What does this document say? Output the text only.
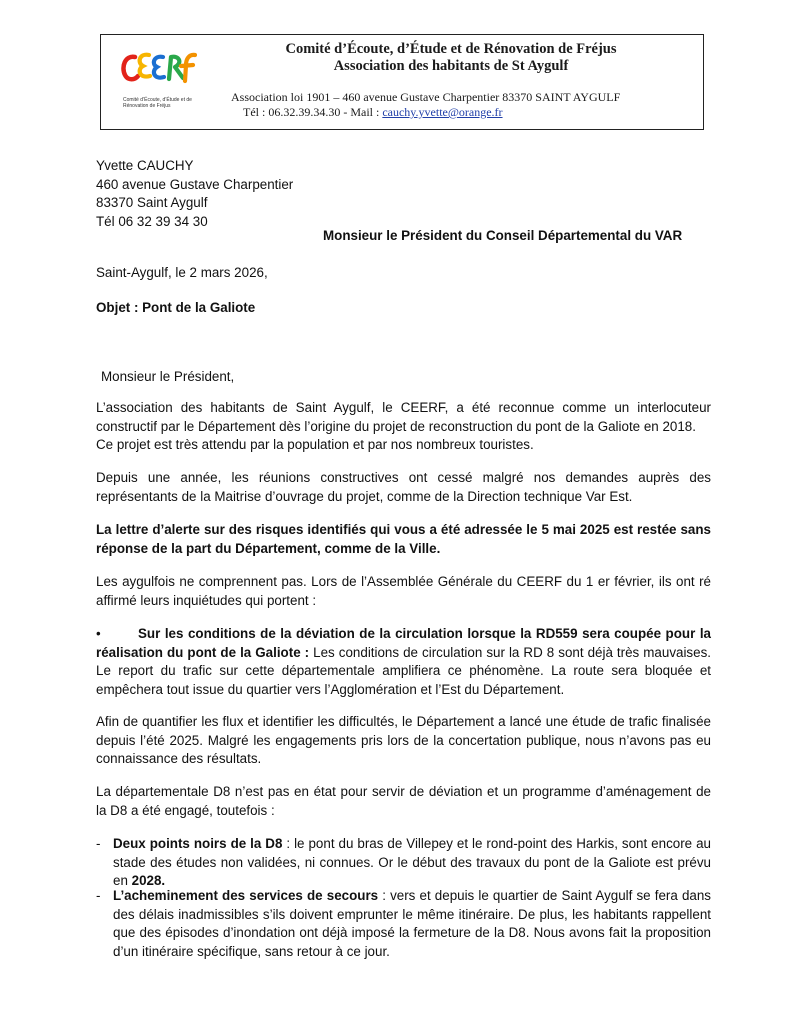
Comité d’Écoute, d’Étude et de Rénovation de Fréjus
Comité d’Écoute, d’Étude et de Rénovation de Fréjus
Association des habitants de St Aygulf
Association loi 1901 – 460 avenue Gustave Charpentier 83370 SAINT AYGULF
Tél : 06.32.39.34.30 - Mail : cauchy.yvette@orange.fr
Yvette CAUCHY
460 avenue Gustave Charpentier
83370 Saint Aygulf
Tél 06 32 39 34 30
Monsieur le Président du Conseil Départemental du VAR
Saint-Aygulf, le 2 mars 2026,
Objet : Pont de la Galiote
Monsieur le Président,
L’association des habitants de Saint Aygulf, le CEERF, a été reconnue comme un interlocuteur constructif par le Département dès l’origine du projet de reconstruction du pont de la Galiote en 2018.
Ce projet est très attendu par la population et par nos nombreux touristes.
Depuis une année, les réunions constructives ont cessé malgré nos demandes auprès des représentants de la Maitrise d’ouvrage du projet, comme de la Direction technique Var Est.
La lettre d’alerte sur des risques identifiés qui vous a été adressée le 5 mai 2025 est restée sans réponse de la part du Département, comme de la Ville.
Les aygulfois ne comprennent pas. Lors de l’Assemblée Générale du CEERF du 1 er février, ils ont ré affirmé leurs inquiétudes qui portent :
•	Sur les conditions de la déviation de la circulation lorsque la RD559 sera coupée pour la réalisation du pont de la Galiote : Les conditions de circulation sur la RD 8 sont déjà très mauvaises. Le report du trafic sur cette départementale amplifiera ce phénomène. La route sera bloquée et empêchera tout issue du quartier vers l’Agglomération et l’Est du Département.
Afin de quantifier les flux et identifier les difficultés, le Département a lancé une étude de trafic finalisée depuis l’été 2025. Malgré les engagements pris lors de la concertation publique, nous n’avons pas eu connaissance des résultats.
La départementale D8 n’est pas en état pour servir de déviation et un programme d’aménagement de la D8 a été engagé, toutefois :
- Deux points noirs de la D8 : le pont du bras de Villepey et le rond-point des Harkis, sont encore au stade des études non validées, ni connues. Or le début des travaux du pont de la Galiote est prévu en 2028.
- L’acheminement des services de secours : vers et depuis le quartier de Saint Aygulf se fera dans des délais inadmissibles s’ils doivent emprunter le même itinéraire. De plus, les habitants rappellent que des épisodes d’inondation ont déjà imposé la fermeture de la D8. Nous avons fait la proposition d’un itinéraire spécifique, sans retour à ce jour.
